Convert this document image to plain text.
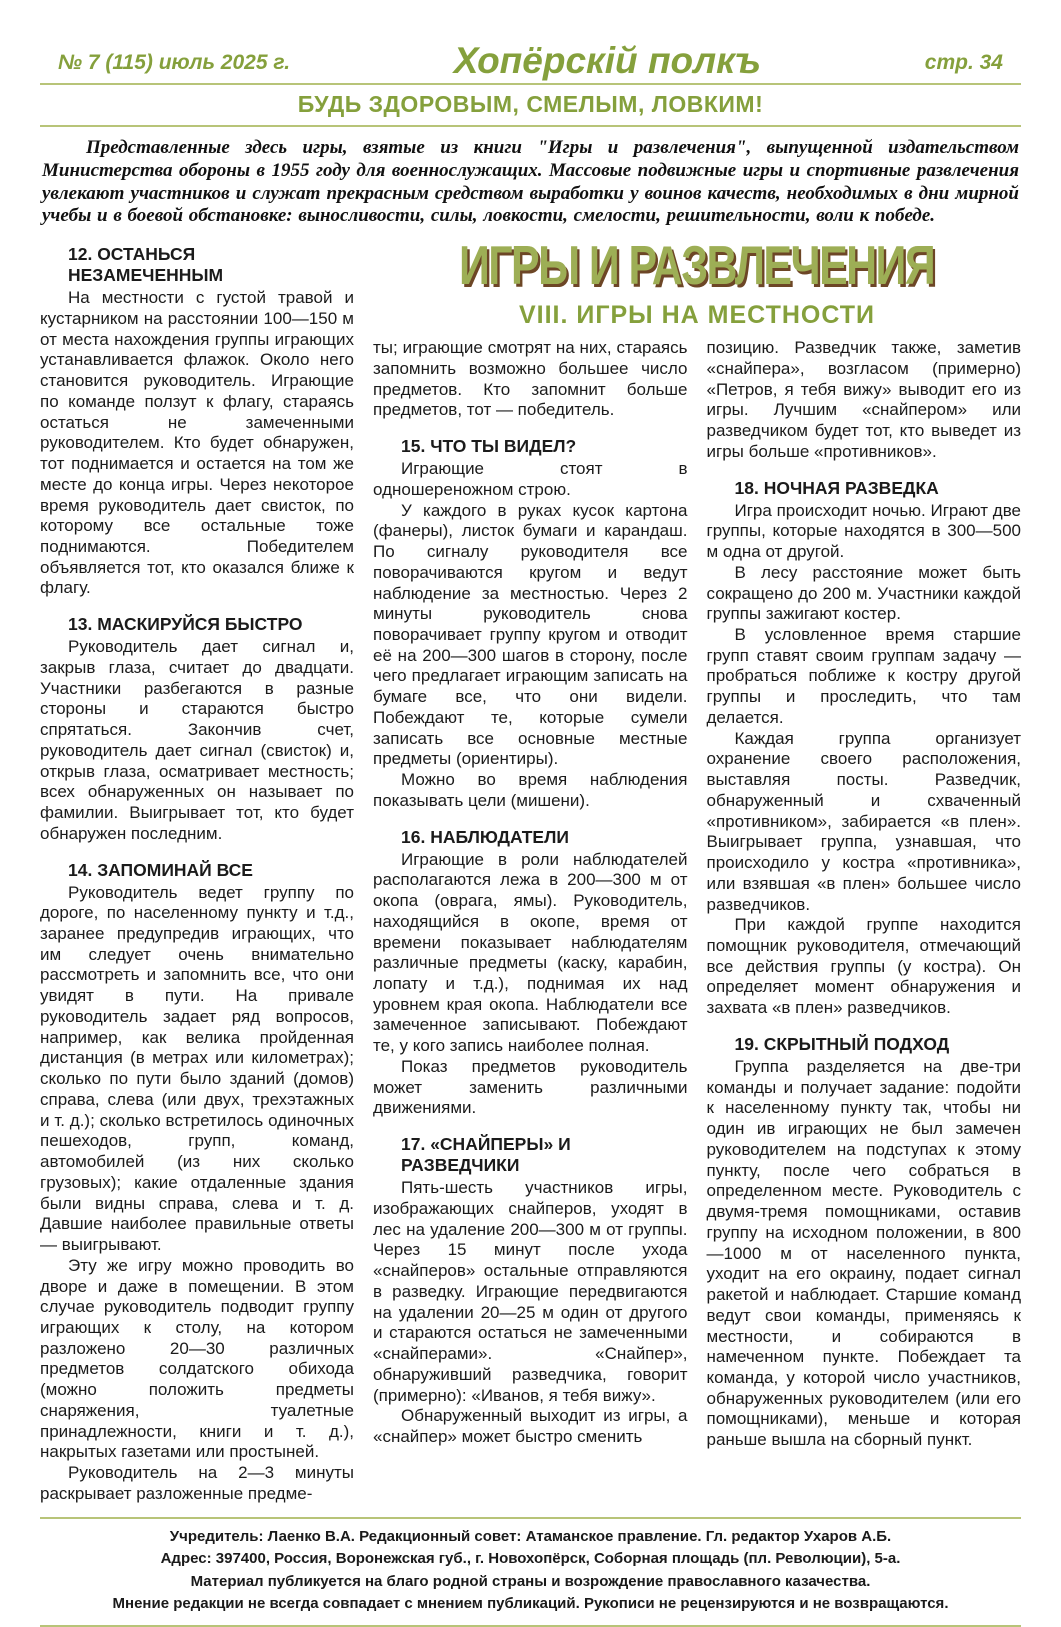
№ 7 (115) июль 2025 г.	Хопёрскій полкъ	стр. 34
БУДЬ ЗДОРОВЫМ, СМЕЛЫМ, ЛОВКИМ!

Представленные здесь игры, взятые из книги "Игры и развлечения", выпущенной издательством Министерства обороны в 1955 году для военнослужащих. Массовые подвижные игры и спортивные развлечения увлекают участников и служат прекрасным средством выработки у воинов качеств, необходимых в дни мирной учебы и в боевой обстановке: выносливости, силы, ловкости, смелости, решительности, воли к победе.

12. ОСТАНЬСЯ НЕЗАМЕЧЕННЫМ

На местности с густой травой и кустарником на расстоянии 100—150 м от места нахождения группы играющих устанавливается флажок. Около него становится руководитель. Играющие по команде ползут к флагу, стараясь остаться не замеченными руководителем. Кто будет обнаружен, тот поднимается и остается на том же месте до конца игры. Через некоторое время руководитель дает свисток, по которому все остальные тоже поднимаются. Победителем объявляется тот, кто оказался ближе к флагу.

13. МАСКИРУЙСЯ БЫСТРО

Руководитель дает сигнал и, закрыв глаза, считает до двадцати. Участники разбегаются в разные стороны и стараются быстро спрятаться. Закончив счет, руководитель дает сигнал (свисток) и, открыв глаза, осматривает местность; всех обнаруженных он называет по фамилии. Выигрывает тот, кто будет обнаружен последним.

14. ЗАПОМИНАЙ ВСЕ

Руководитель ведет группу по дороге, по населенному пункту и т.д., заранее предупредив играющих, что им следует очень внимательно рассмотреть и запомнить все, что они увидят в пути. На привале руководитель задает ряд вопросов, например, как велика пройденная дистанция (в метрах или километрах); сколько по пути было зданий (домов) справа, слева (или двух, трехэтажных и т. д.); сколько встретилось одиночных пешеходов, групп, команд, автомобилей (из них сколько грузовых); какие отдаленные здания были видны справа, слева и т. д. Давшие наиболее правильные ответы — выигрывают.

Эту же игру можно проводить во дворе и даже в помещении. В этом случае руководитель подводит группу играющих к столу, на котором разложено 20—30 различных предметов солдатского обихода (можно положить предметы снаряжения, туалетные принадлежности, книги и т. д.), накрытых газетами или простыней.

Руководитель на 2—3 минуты раскрывает разложенные предме-

ИГРЫ И РАЗВЛЕЧЕНИЯ
VIII. ИГРЫ НА МЕСТНОСТИ

ты; играющие смотрят на них, стараясь запомнить возможно большее число предметов. Кто запомнит больше предметов, тот — победитель.

15. ЧТО ТЫ ВИДЕЛ?

Играющие стоят в одношереножном строю.

У каждого в руках кусок картона (фанеры), листок бумаги и карандаш. По сигналу руководителя все поворачиваются кругом и ведут наблюдение за местностью. Через 2 минуты руководитель снова поворачивает группу кругом и отводит её на 200—300 шагов в сторону, после чего предлагает играющим записать на бумаге все, что они видели. Побеждают те, которые сумели записать все основные местные предметы (ориентиры).

Можно во время наблюдения показывать цели (мишени).

16. НАБЛЮДАТЕЛИ

Играющие в роли наблюдателей располагаются лежа в 200—300 м от окопа (оврага, ямы). Руководитель, находящийся в окопе, время от времени показывает наблюдателям различные предметы (каску, карабин, лопату и т.д.), поднимая их над уровнем края окопа. Наблюдатели все замеченное записывают. Побеждают те, у кого запись наиболее полная.

Показ предметов руководитель может заменить различными движениями.

17. «СНАЙПЕРЫ» И РАЗВЕДЧИКИ

Пять-шесть участников игры, изображающих снайперов, уходят в лес на удаление 200—300 м от группы. Через 15 минут после ухода «снайперов» остальные отправляются в разведку. Играющие передвигаются на удалении 20—25 м один от другого и стараются остаться не замеченными «снайперами». «Снайпер», обнаруживший разведчика, говорит (примерно): «Иванов, я тебя вижу».

Обнаруженный выходит из игры, а «снайпер» может быстро сменить

позицию. Разведчик также, заметив «снайпера», возгласом (примерно) «Петров, я тебя вижу» выводит его из игры. Лучшим «снайпером» или разведчиком будет тот, кто выведет из игры больше «противников».

18. НОЧНАЯ РАЗВЕДКА

Игра происходит ночью. Играют две группы, которые находятся в 300—500 м одна от другой.

В лесу расстояние может быть сокращено до 200 м. Участники каждой группы зажигают костер.

В условленное время старшие групп ставят своим группам задачу — пробраться поближе к костру другой группы и проследить, что там делается.

Каждая группа организует охранение своего расположения, выставляя посты. Разведчик, обнаруженный и схваченный «противником», забирается «в плен». Выигрывает группа, узнавшая, что происходило у костра «противника», или взявшая «в плен» большее число разведчиков.

При каждой группе находится помощник руководителя, отмечающий все действия группы (у костра). Он определяет момент обнаружения и захвата «в плен» разведчиков.

19. СКРЫТНЫЙ ПОДХОД

Группа разделяется на две-три команды и получает задание: подойти к населенному пункту так, чтобы ни один ив играющих не был замечен руководителем на подступах к этому пункту, после чего собраться в определенном месте. Руководитель с двумя-тремя помощниками, оставив группу на исходном положении, в 800—1000 м от населенного пункта, уходит на его окраину, подает сигнал ракетой и наблюдает. Старшие команд ведут свои команды, применяясь к местности, и собираются в намеченном пункте. Побеждает та команда, у которой число участников, обнаруженных руководителем (или его помощниками), меньше и которая раньше вышла на сборный пункт.

Учредитель: Лаенко В.А. Редакционный совет: Атаманское правление. Гл. редактор Ухаров А.Б.
Адрес: 397400, Россия, Воронежская губ., г. Новохопёрск, Соборная площадь (пл. Революции), 5-а.
Материал публикуется на благо родной страны и возрождение православного казачества.
Мнение редакции не всегда совпадает с мнением публикаций. Рукописи не рецензируются и не возвращаются.
